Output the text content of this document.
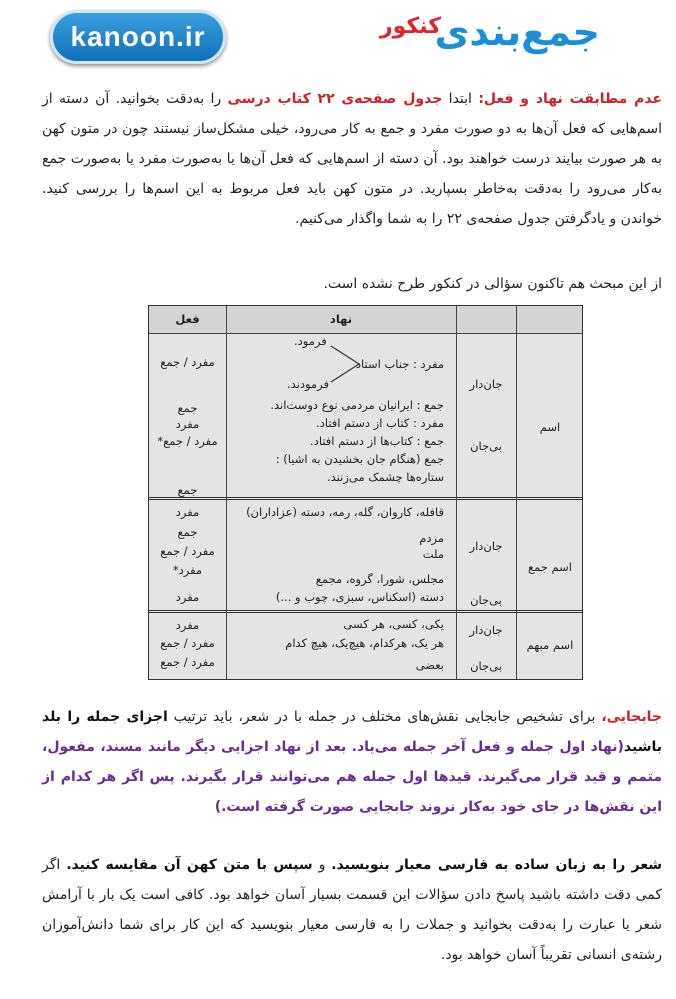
kanoon.ir	جمع‌بندی
کنکور

عدم مطابقت نهاد و فعل: ابتدا جدول صفحه‌ی ۲۲ کتاب درسی را به‌دقت بخوانید. آن دسته از اسم‌هایی که فعل آن‌ها به دو صورت مفرد و جمع به کار می‌رود، خیلی مشکل‌ساز نیستند چون در متون کهن به هر صورت بیایند درست خواهند بود. آن دسته از اسم‌هایی که فعل آن‌ها یا به‌صورت مفرد یا به‌صورت جمع به‌کار می‌رود را به‌دقت به‌خاطر بسپارید. در متون کهن باید فعل مربوط به این اسم‌ها را بررسی کنید. خواندن و یادگرفتن جدول صفحه‌ی ۲۲ را به شما واگذار می‌کنیم.

از این مبحث هم تاکنون سؤالی در کنکور طرح نشده است.

فعل	نهاد
اسم
جان‌دار
بی‌جان
مفرد / جمع
جمع
مفرد
مفرد / جمع*
جمع
فرمود.
مفرد : جناب استاد
فرمودند.
جمع : ایرانیان مردمی نوع دوست‌اند.
مفرد : کتاب از دستم افتاد.
جمع : کتاب‌ها از دستم افتاد.
جمع (هنگام جان بخشیدن به اشیا) :
ستاره‌ها چشمک می‌زنند.
اسم جمع
جان‌دار
بی‌جان
مفرد
جمع
مفرد / جمع
مفرد*
مفرد
قافله، کاروان، گله، رمه، دسته (عزاداران)
مردم
ملت
مجلس، شورا، گروه، مجمع
دسته (اسکناس، سبزی، چوب و ...)
اسم مبهم
جان‌دار
بی‌جان
مفرد
مفرد / جمع
مفرد / جمع
یکی، کسی، هر کسی
هر یک، هرکدام، هیچ‌یک، هیچ کدام
بعضی

جابجایی، برای تشخیص جابجایی نقش‌های مختلف در جمله با در شعر، باید ترتیب اجزای جمله را بلد باشید(نهاد اول جمله و فعل آخر جمله می‌یاد. بعد از نهاد اجزایی دیگر مانند مسند، مفعول، متمم و قید قرار می‌گیرند. قیدها اول جمله هم می‌توانند قرار بگیرند. پس اگر هر کدام از این نقش‌ها در جای خود به‌کار نروند جابجایی صورت گرفته است.)

شعر را به زبان ساده به فارسی معیار بنویسید. و سپس با متن کهن آن مقایسه کنید. اگر کمی دقت داشته باشید پاسخ دادن سؤالات این قسمت بسیار آسان خواهد بود. کافی است یک بار با آرامش شعر یا عبارت را به‌دقت بخوانید و جملات را به فارسی معیار بنویسید که این کار برای شما دانش‌آموزان رشته‌ی انسانی تقریباً آسان خواهد بود.
